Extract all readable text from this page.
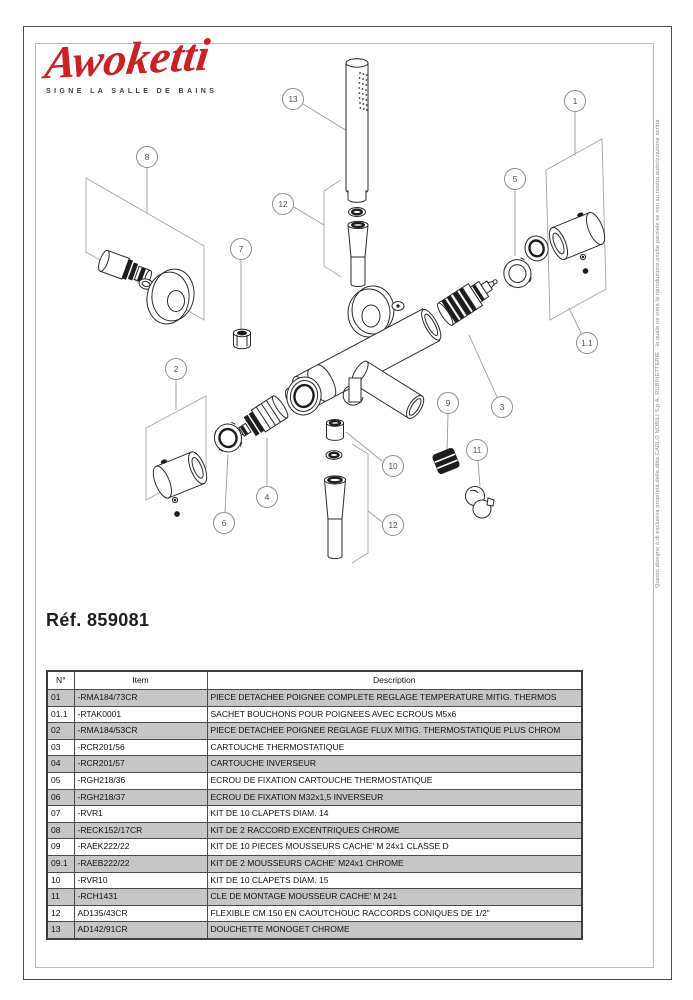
13
12
1
8
5
7
1.1
2
9	3
11
10
4
6	12
Awoketti
SIGNE LA SALLE DE BAINS
Questo disegno è di esclusiva proprietà della ditta CARLO NOBILI S.p.A. RUBINETTERIE - la quale ne vieta la riproduzione,anche parziale se non su nostra autorizzazione scritta
Réf. 859081
N°	Item	Description
01	-RMA184/73CR	PIECE DETACHEE POIGNEE COMPLETE REGLAGE TEMPERATURE MITIG. THERMOS
01.1	-RTAK0001	SACHET BOUCHONS POUR POIGNEES AVEC ECROUS M5x6
02	-RMA184/53CR	PIECE DETACHEE POIGNEE REGLAGE FLUX MITIG. THERMOSTATIQUE PLUS CHROM
03	-RCR201/56	CARTOUCHE THERMOSTATIQUE
04	-RCR201/57	CARTOUCHE INVERSEUR
05	-RGH218/36	ECROU DE FIXATION CARTOUCHE THERMOSTATIQUE
06	-RGH218/37	ECROU DE FIXATION M32x1,5 INVERSEUR
07	-RVR1	KIT DE 10 CLAPETS DIAM. 14
08	-RECK152/17CR	KIT DE 2 RACCORD EXCENTRIQUES CHROME
09	-RAEK222/22	KIT DE 10 PIECES MOUSSEURS CACHE' M 24x1 CLASSE D
09.1	-RAEB222/22	KIT DE 2 MOUSSEURS CACHE' M24x1 CHROME
10	-RVR10	KIT DE 10 CLAPETS DIAM. 15
11	-RCH1431	CLE DE MONTAGE MOUSSEUR CACHE' M 241
12	AD135/43CR	FLEXIBLE CM.150 EN CAOUTCHOUC RACCORDS CONIQUES DE 1/2"
13	AD142/91CR	DOUCHETTE MONOGET CHROME
